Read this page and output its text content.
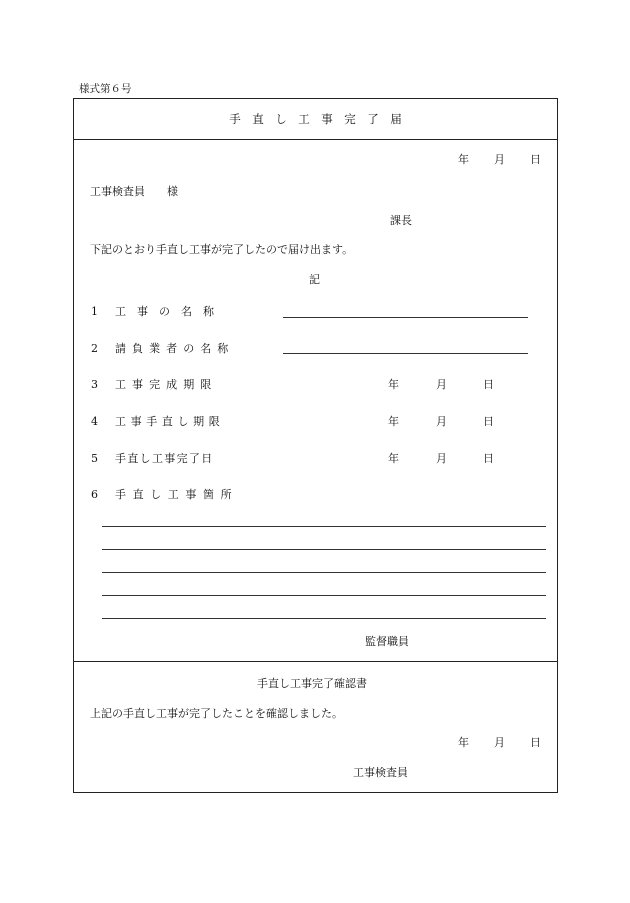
様式第６号
手　直　し　工　事　完　了　届
年 月 日
工事検査員　　様
課長
下記のとおり手直し工事が完了したので届け出ます。
記
1 工　事　の　名　称
2 請負業者の名称
3 工事完成期限	年	月	日
4 工事手直し期限	年	月	日
5 手直し工事完了日	年	月	日
6 手直し工事箇所
監督職員
手直し工事完了確認書
上記の手直し工事が完了したことを確認しました。
年 月 日
工事検査員
